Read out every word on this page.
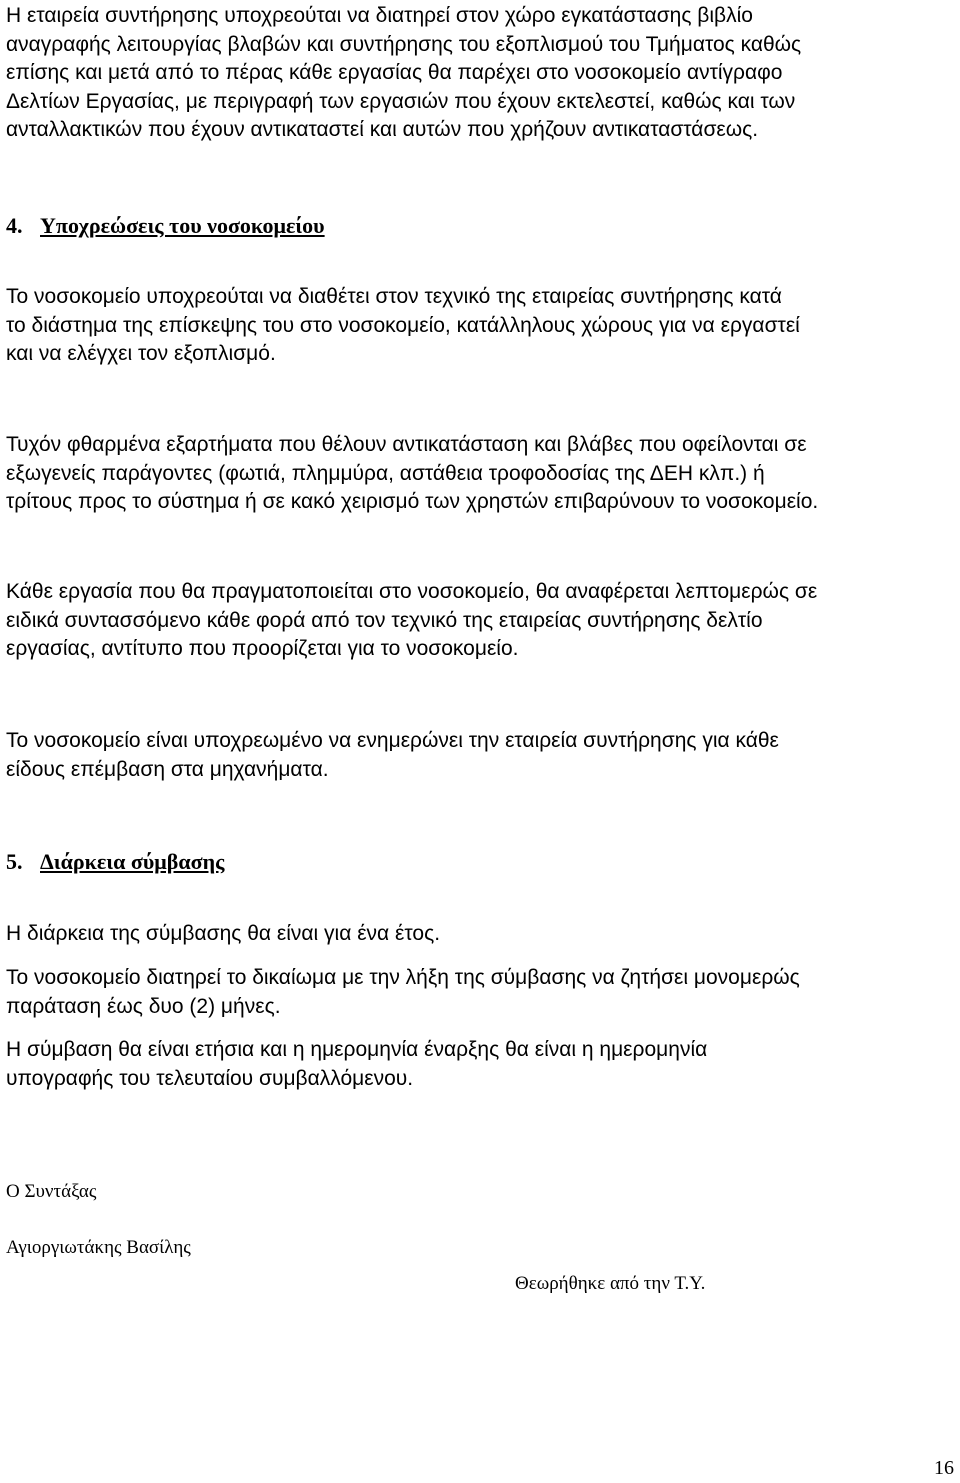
Η εταιρεία συντήρησης υποχρεούται να διατηρεί στον χώρο εγκατάστασης βιβλίο
αναγραφής λειτουργίας βλαβών και συντήρησης του εξοπλισμού του Τμήματος καθώς
επίσης και μετά από το πέρας κάθε εργασίας θα παρέχει στο νοσοκομείο αντίγραφο
Δελτίων Εργασίας, με περιγραφή των εργασιών που έχουν εκτελεστεί, καθώς και των
ανταλλακτικών που έχουν αντικαταστεί και αυτών που χρήζουν αντικαταστάσεως.

4. Υποχρεώσεις του νοσοκομείου

Το νοσοκομείο υποχρεούται να διαθέτει στον τεχνικό της εταιρείας συντήρησης κατά
το διάστημα της επίσκεψης του στο νοσοκομείο, κατάλληλους χώρους για να εργαστεί
και να ελέγχει τον εξοπλισμό.

Τυχόν φθαρμένα εξαρτήματα που θέλουν αντικατάσταση και βλάβες που οφείλονται σε
εξωγενείς παράγοντες (φωτιά, πλημμύρα, αστάθεια τροφοδοσίας της ΔΕΗ κλπ.) ή
τρίτους προς το σύστημα ή σε κακό χειρισμό των χρηστών επιβαρύνουν το νοσοκομείο.

Κάθε εργασία που θα πραγματοποιείται στο νοσοκομείο, θα αναφέρεται λεπτομερώς σε
ειδικά συντασσόμενο κάθε φορά από τον τεχνικό της εταιρείας συντήρησης δελτίο
εργασίας, αντίτυπο που προορίζεται για το νοσοκομείο.

Το νοσοκομείο είναι υποχρεωμένο να ενημερώνει την εταιρεία συντήρησης για κάθε
είδους επέμβαση στα μηχανήματα.

5. Διάρκεια σύμβασης

Η διάρκεια της σύμβασης θα είναι για ένα έτος.

Το νοσοκομείο διατηρεί το δικαίωμα με την λήξη της σύμβασης να ζητήσει μονομερώς
παράταση έως δυο (2) μήνες.

Η σύμβαση θα είναι ετήσια και η ημερομηνία έναρξης θα είναι η ημερομηνία
υπογραφής του τελευταίου συμβαλλόμενου.

Ο Συντάξας

Αγιοργιωτάκης Βασίλης

Θεωρήθηκε από την Τ.Υ.

16
